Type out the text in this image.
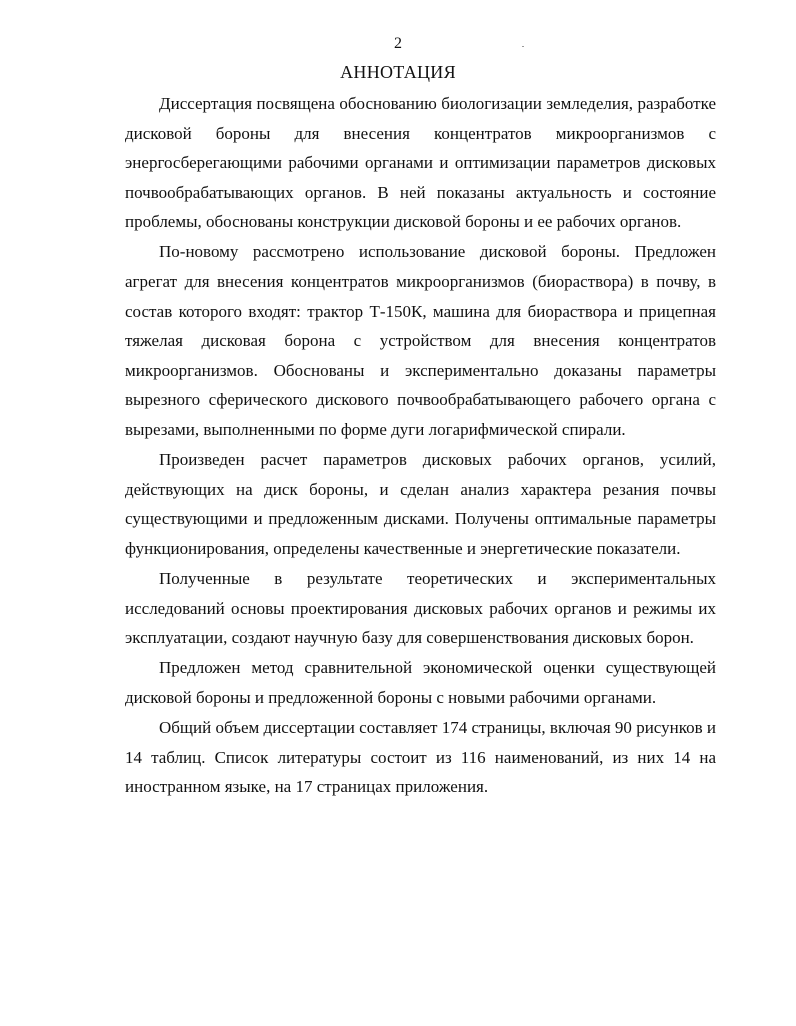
2
АННОТАЦИЯ

Диссертация посвящена обоснованию биологизации земледелия, разработке дисковой бороны для внесения концентратов микроорганизмов с энергосберегающими рабочими органами и оптимизации параметров дисковых почвообрабатывающих органов. В ней показаны актуальность и состояние проблемы, обоснованы конструкции дисковой бороны и ее рабочих органов.

По-новому рассмотрено использование дисковой бороны. Предложен агрегат для внесения концентратов микроорганизмов (биораствора) в почву, в состав которого входят: трактор Т-150К, машина для биораствора и прицепная тяжелая дисковая борона с устройством для внесения концентратов микроорганизмов. Обоснованы и экспериментально доказаны параметры вырезного сферического дискового почвообрабатывающего рабочего органа с вырезами, выполненными по форме дуги логарифмической спирали.

Произведен расчет параметров дисковых рабочих органов, усилий, действующих на диск бороны, и сделан анализ характера резания почвы существующими и предложенным дисками. Получены оптимальные параметры функционирования, определены качественные и энергетические показатели.

Полученные в результате теоретических и экспериментальных исследований основы проектирования дисковых рабочих органов и режимы их эксплуатации, создают научную базу для совершенствования дисковых борон.

Предложен метод сравнительной экономической оценки существующей дисковой бороны и предложенной бороны с новыми рабочими органами.

Общий объем диссертации составляет 174 страницы, включая 90 рисунков и 14 таблиц. Список литературы состоит из 116 наименований, из них 14 на иностранном языке, на 17 страницах приложения.
